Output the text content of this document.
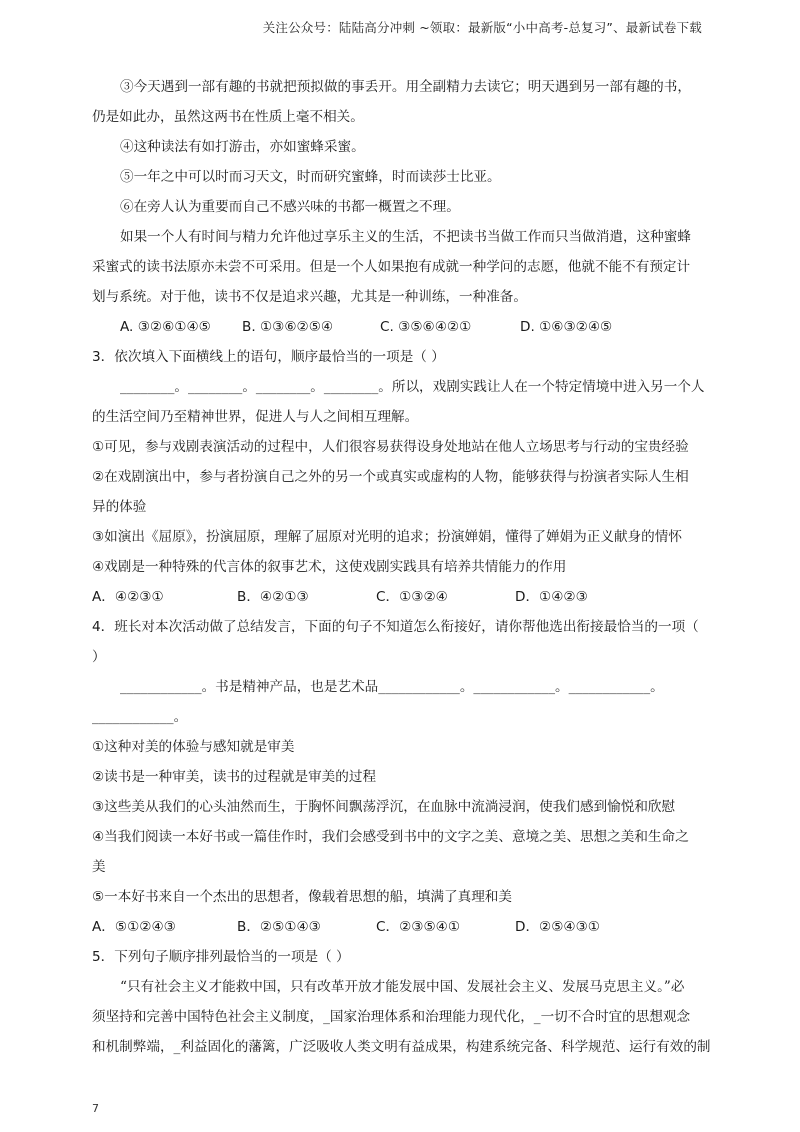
关注公众号：陆陆高分冲刺 ~领取：最新版“小中高考-总复习”、最新试卷下载
③今天遇到一部有趣的书就把预拟做的事丢开。用全副精力去读它；明天遇到另一部有趣的书，
仍是如此办，虽然这两书在性质上毫不相关。
④这种读法有如打游击，亦如蜜蜂采蜜。
⑤一年之中可以时而习天文，时而研究蜜蜂，时而读莎士比亚。
⑥在旁人认为重要而自己不感兴味的书都一概置之不理。
如果一个人有时间与精力允许他过享乐主义的生活，不把读书当做工作而只当做消遣，这种蜜蜂
采蜜式的读书法原亦未尝不可采用。但是一个人如果抱有成就一种学问的志愿，他就不能不有预定计
划与系统。对于他，读书不仅是追求兴趣，尤其是一种训练，一种准备。
A. ③②⑥①④⑤	B. ①③⑥②⑤④	C. ③⑤⑥④②①	D. ①⑥③②④⑤
3．依次填入下面横线上的语句，顺序最恰当的一项是（ ）
________。________。________。________。所以，戏剧实践让人在一个特定情境中进入另一个人
的生活空间乃至精神世界，促进人与人之间相互理解。
①可见，参与戏剧表演活动的过程中，人们很容易获得设身处地站在他人立场思考与行动的宝贵经验
②在戏剧演出中，参与者扮演自己之外的另一个或真实或虚构的人物，能够获得与扮演者实际人生相
异的体验
③如演出《屈原》，扮演屈原，理解了屈原对光明的追求；扮演婵娟，懂得了婵娟为正义献身的情怀
④戏剧是一种特殊的代言体的叙事艺术，这使戏剧实践具有培养共情能力的作用
A．④②③①	B．④②①③	C．①③②④	D．①④②③
4．班长对本次活动做了总结发言，下面的句子不知道怎么衔接好，请你帮他选出衔接最恰当的一项（
）
____________。书是精神产品，也是艺术品____________。____________。____________。
____________。
①这种对美的体验与感知就是审美
②读书是一种审美，读书的过程就是审美的过程
③这些美从我们的心头油然而生，于胸怀间飘荡浮沉，在血脉中流淌浸润，使我们感到愉悦和欣慰
④当我们阅读一本好书或一篇佳作时，我们会感受到书中的文字之美、意境之美、思想之美和生命之
美
⑤一本好书来自一个杰出的思想者，像载着思想的船，填满了真理和美
A．⑤①②④③	B．②⑤①④③	C．②③⑤④①	D．②⑤④③①
5．下列句子顺序排列最恰当的一项是（ ）
“只有社会主义才能救中国，只有改革开放才能发展中国、发展社会主义、发展马克思主义。”必
须坚持和完善中国特色社会主义制度，_国家治理体系和治理能力现代化，_一切不合时宜的思想观念
和机制弊端，_利益固化的藩篱，广泛吸收人类文明有益成果，构建系统完备、科学规范、运行有效的制
7
